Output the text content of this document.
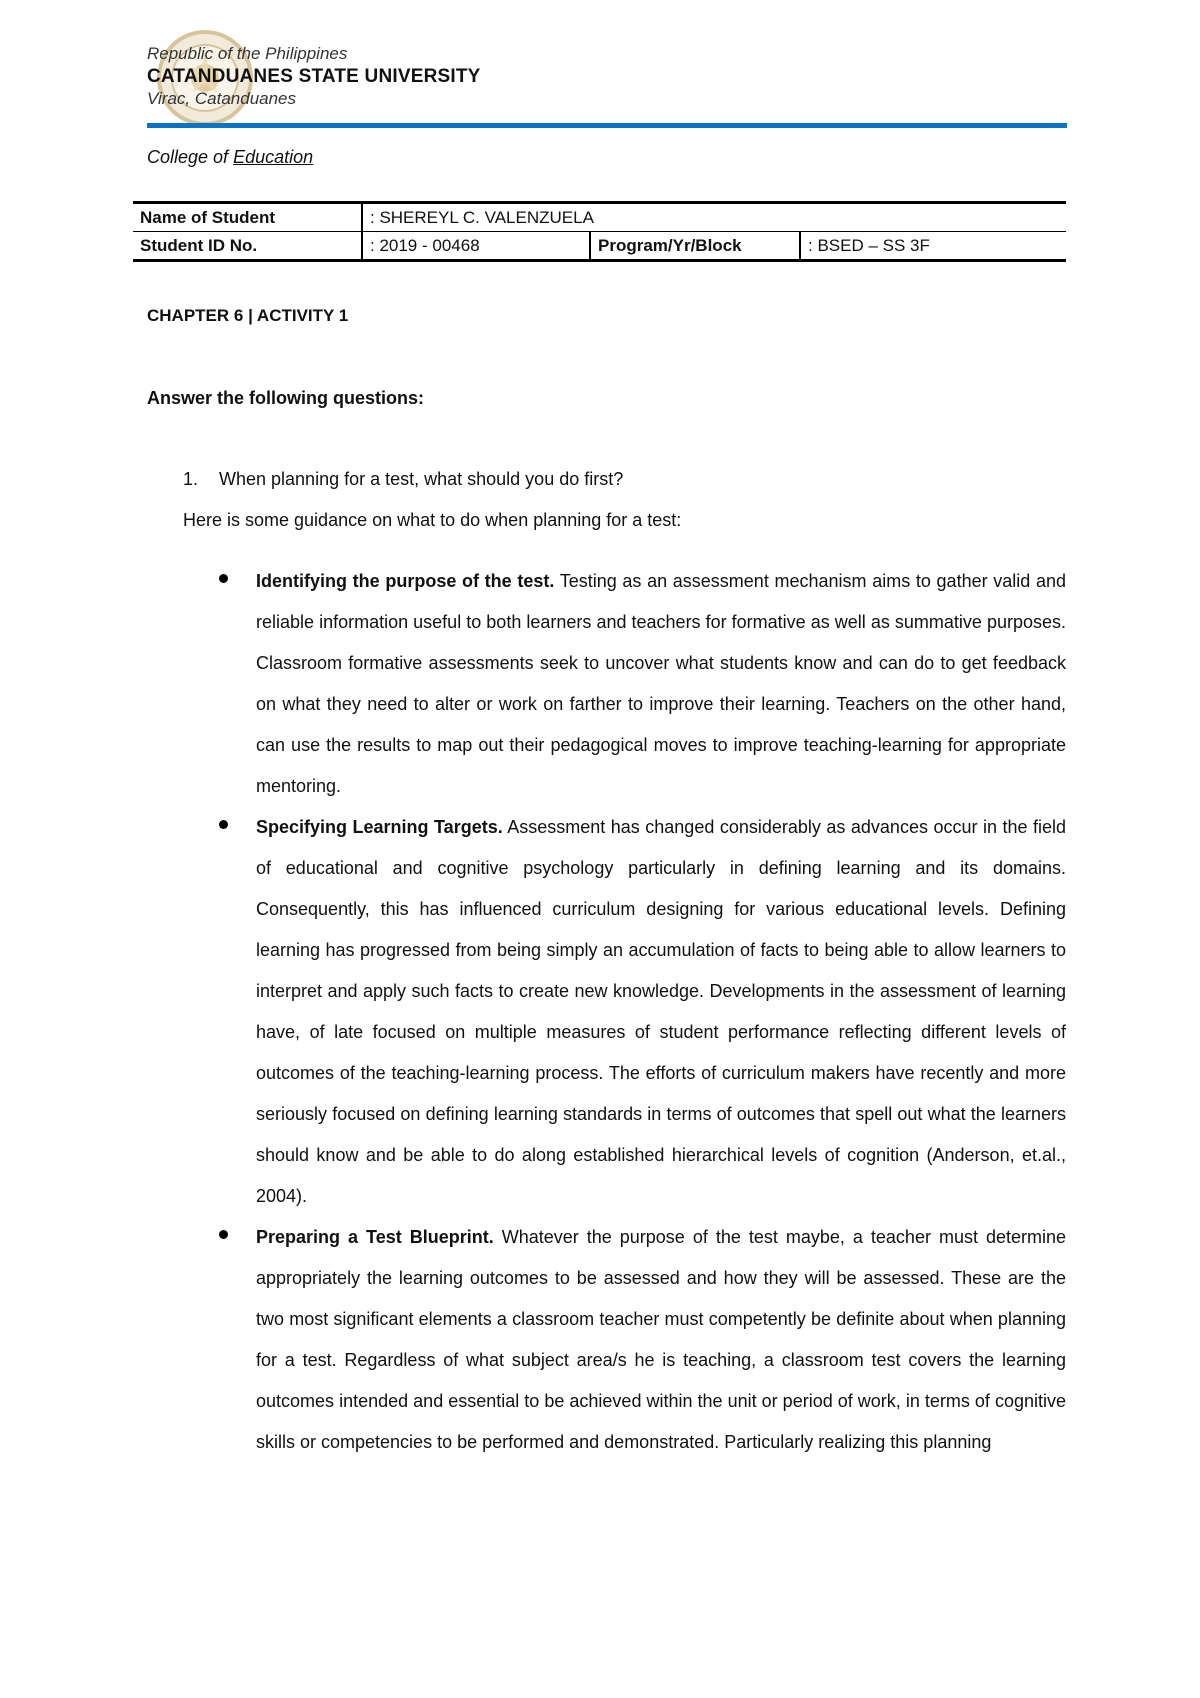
Republic of the Philippines
CATANDUANES STATE UNIVERSITY
Virac, Catanduanes
College of Education
Name of Student	: SHEREYL C. VALENZUELA		
Student ID No.	: 2019 - 00468	Program/Yr/Block	: BSED – SS 3F
CHAPTER 6 | ACTIVITY 1
Answer the following questions:
1. When planning for a test, what should you do first?
Here is some guidance on what to do when planning for a test:
Identifying the purpose of the test. Testing as an assessment mechanism aims to gather valid and reliable information useful to both learners and teachers for formative as well as summative purposes. Classroom formative assessments seek to uncover what students know and can do to get feedback on what they need to alter or work on farther to improve their learning. Teachers on the other hand, can use the results to map out their pedagogical moves to improve teaching-learning for appropriate mentoring.
Specifying Learning Targets. Assessment has changed considerably as advances occur in the field of educational and cognitive psychology particularly in defining learning and its domains. Consequently, this has influenced curriculum designing for various educational levels. Defining learning has progressed from being simply an accumulation of facts to being able to allow learners to interpret and apply such facts to create new knowledge. Developments in the assessment of learning have, of late focused on multiple measures of student performance reflecting different levels of outcomes of the teaching-learning process. The efforts of curriculum makers have recently and more seriously focused on defining learning standards in terms of outcomes that spell out what the learners should know and be able to do along established hierarchical levels of cognition (Anderson, et.al., 2004).
Preparing a Test Blueprint. Whatever the purpose of the test maybe, a teacher must determine appropriately the learning outcomes to be assessed and how they will be assessed. These are the two most significant elements a classroom teacher must competently be definite about when planning for a test. Regardless of what subject area/s he is teaching, a classroom test covers the learning outcomes intended and essential to be achieved within the unit or period of work, in terms of cognitive skills or competencies to be performed and demonstrated. Particularly realizing this planning
